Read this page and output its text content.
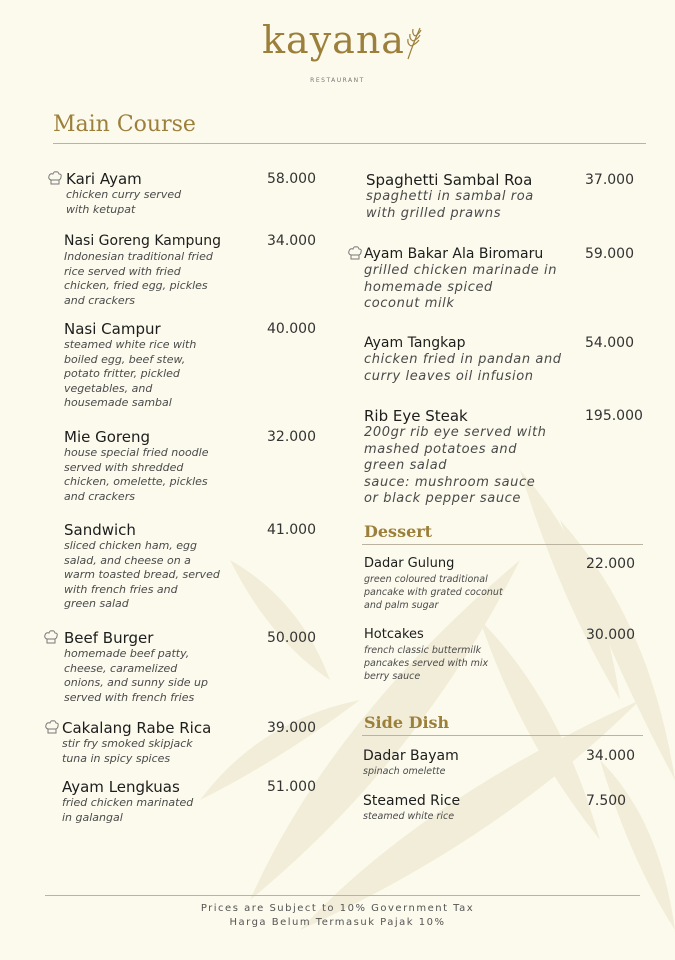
kayana
RESTAURANT
Main Course
Kari Ayam
chicken curry served
with ketupat
58.000
Nasi Goreng Kampung
Indonesian traditional fried
rice served with fried
chicken, fried egg, pickles
and crackers
34.000
Nasi Campur
steamed white rice with
boiled egg, beef stew,
potato fritter, pickled
vegetables, and
housemade sambal
40.000
Mie Goreng
house special fried noodle
served with shredded
chicken, omelette, pickles
and crackers
32.000
Sandwich
sliced chicken ham, egg
salad, and cheese on a
warm toasted bread, served
with french fries and
green salad
41.000
Beef Burger
homemade beef patty,
cheese, caramelized
onions, and sunny side up
served with french fries
50.000
Cakalang Rabe Rica
stir fry smoked skipjack
tuna in spicy spices
39.000
Ayam Lengkuas
fried chicken marinated
in galangal
51.000
Spaghetti Sambal Roa
spaghetti in sambal roa
with grilled prawns
37.000
Ayam Bakar Ala Biromaru
grilled chicken marinade in
homemade spiced
coconut milk
59.000
Ayam Tangkap
chicken fried in pandan and
curry leaves oil infusion
54.000
Rib Eye Steak
200gr rib eye served with
mashed potatoes and
green salad
sauce: mushroom sauce
or black pepper sauce
195.000
Dessert
Dadar Gulung
green coloured traditional
pancake with grated coconut
and palm sugar
22.000
Hotcakes
french classic buttermilk
pancakes served with mix
berry sauce
30.000
Side Dish
Dadar Bayam
spinach omelette
34.000
Steamed Rice
steamed white rice
7.500
Prices are Subject to 10% Government Tax
Harga Belum Termasuk Pajak 10%
